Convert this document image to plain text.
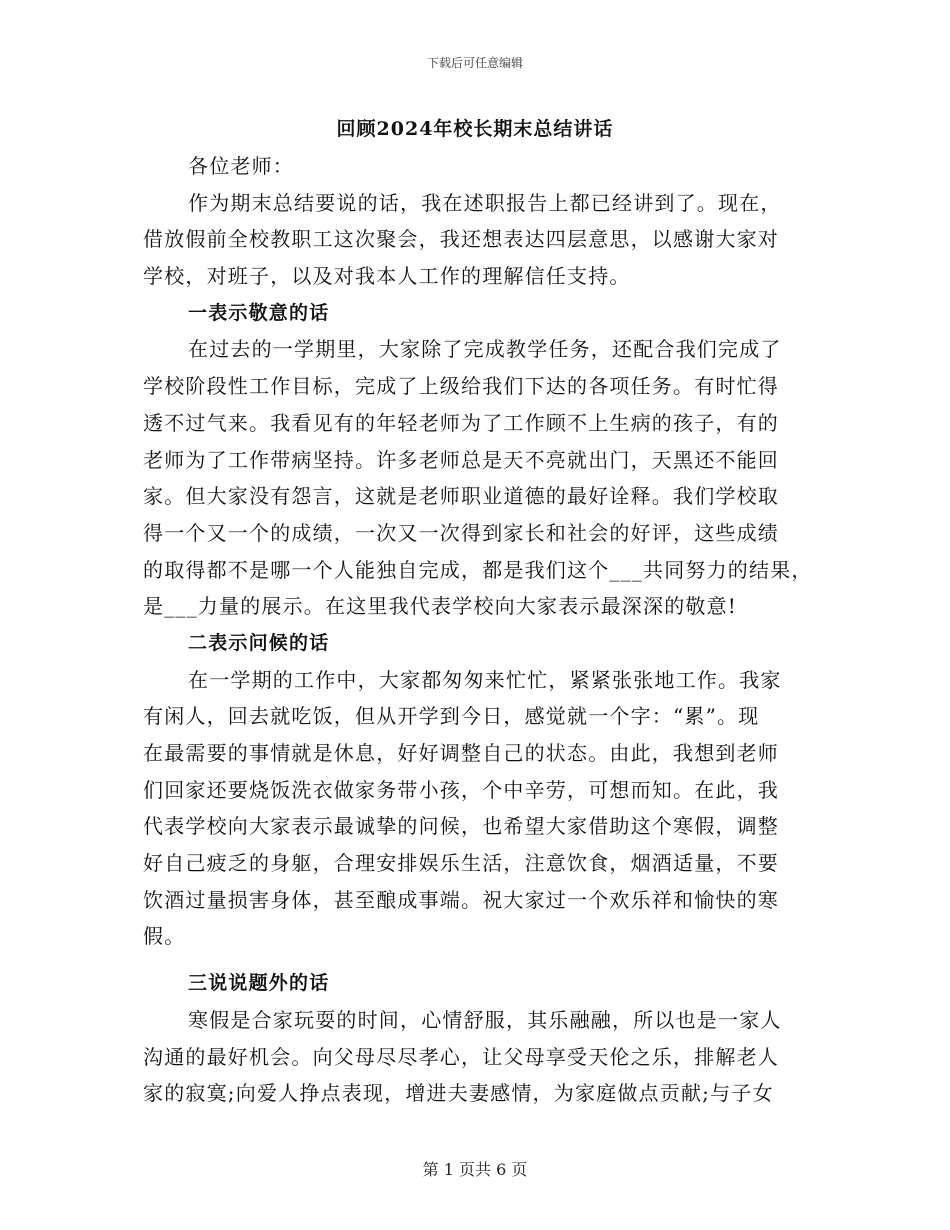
下载后可任意编辑
回顾2024年校长期末总结讲话
各位老师：
作为期末总结要说的话，我在述职报告上都已经讲到了。现在，
借放假前全校教职工这次聚会，我还想表达四层意思，以感谢大家对
学校，对班子，以及对我本人工作的理解信任支持。
一表示敬意的话
在过去的一学期里，大家除了完成教学任务，还配合我们完成了
学校阶段性工作目标，完成了上级给我们下达的各项任务。有时忙得
透不过气来。我看见有的年轻老师为了工作顾不上生病的孩子，有的
老师为了工作带病坚持。许多老师总是天不亮就出门，天黑还不能回
家。但大家没有怨言，这就是老师职业道德的最好诠释。我们学校取
得一个又一个的成绩，一次又一次得到家长和社会的好评，这些成绩
的取得都不是哪一个人能独自完成，都是我们这个___共同努力的结果，
是___力量的展示。在这里我代表学校向大家表示最深深的敬意!
二表示问候的话
在一学期的工作中，大家都匆匆来忙忙，紧紧张张地工作。我家
有闲人，回去就吃饭，但从开学到今日，感觉就一个字：“累”。现
在最需要的事情就是休息，好好调整自己的状态。由此，我想到老师
们回家还要烧饭洗衣做家务带小孩，个中辛劳，可想而知。在此，我
代表学校向大家表示最诚挚的问候，也希望大家借助这个寒假，调整
好自己疲乏的身躯，合理安排娱乐生活，注意饮食，烟酒适量，不要
饮酒过量损害身体，甚至酿成事端。祝大家过一个欢乐祥和愉快的寒
假。
三说说题外的话
寒假是合家玩耍的时间，心情舒服，其乐融融，所以也是一家人
沟通的最好机会。向父母尽尽孝心，让父母享受天伦之乐，排解老人
家的寂寞;向爱人挣点表现，增进夫妻感情，为家庭做点贡献;与子女
第 1 页共 6 页
